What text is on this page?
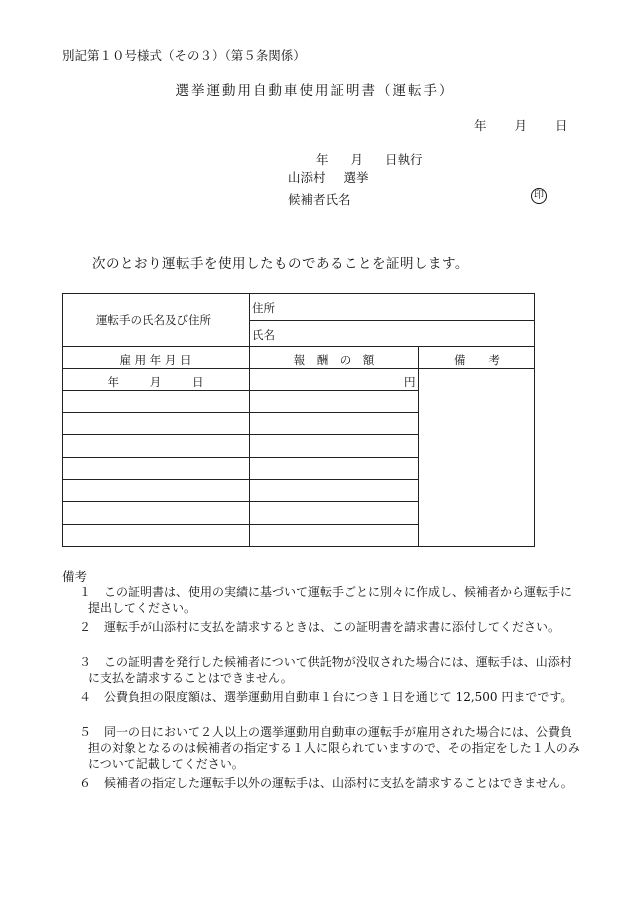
別記第１０号様式（その３）（第５条関係）
選挙運動用自動車使用証明書（運転手）
年 月 日
年 月 日執行
山添村 選挙
候補者氏名	印
次のとおり運転手を使用したものであることを証明します。
運転手の氏名及び住所
住所
氏名
雇 用 年 月 日	報　酬　の　額	備　　考
年 　 月 　 日	円
備考
１	この証明書は、使用の実績に基づいて運転手ごとに別々に作成し、候補者から運転手に提出してください。
２	運転手が山添村に支払を請求するときは、この証明書を請求書に添付してください。
３	この証明書を発行した候補者について供託物が没収された場合には、運転手は、山添村に支払を請求することはできません。
４	公費負担の限度額は、選挙運動用自動車１台につき１日を通じて 12,500 円までです。
５	同一の日において２人以上の選挙運動用自動車の運転手が雇用された場合には、公費負担の対象となるのは候補者の指定する１人に限られていますので、その指定をした１人のみについて記載してください。
６	候補者の指定した運転手以外の運転手は、山添村に支払を請求することはできません。
